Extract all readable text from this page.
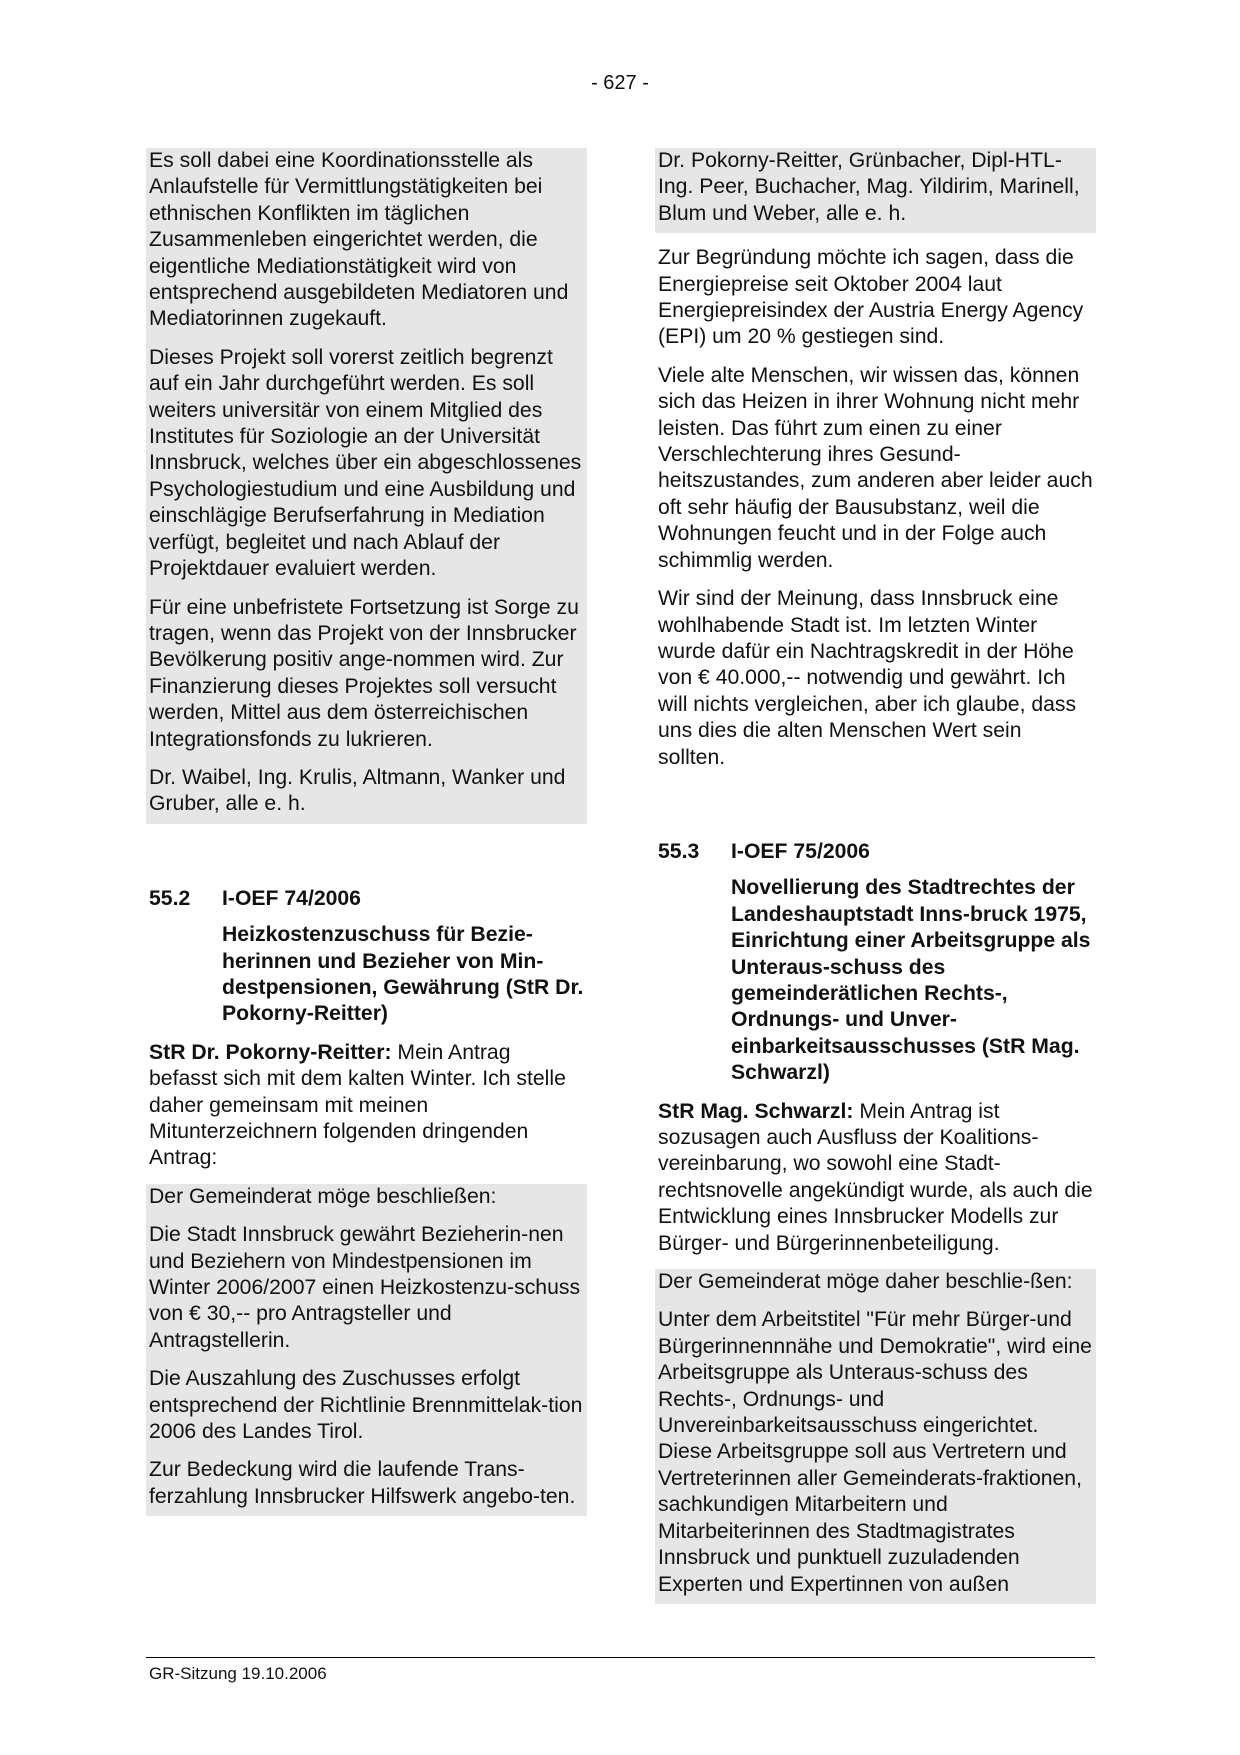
- 627 -

Es soll dabei eine Koordinationsstelle als Anlaufstelle für Vermittlungstätigkeiten bei ethnischen Konflikten im täglichen Zusammenleben eingerichtet werden, die eigentliche Mediationstätigkeit wird von entsprechend ausgebildeten Mediatoren und Mediatorinnen zugekauft.

Dieses Projekt soll vorerst zeitlich begrenzt auf ein Jahr durchgeführt werden. Es soll weiters universitär von einem Mitglied des Institutes für Soziologie an der Universität Innsbruck, welches über ein abgeschlossenes Psychologiestudium und eine Ausbildung und einschlägige Berufserfahrung in Mediation verfügt, begleitet und nach Ablauf der Projektdauer evaluiert werden.

Für eine unbefristete Fortsetzung ist Sorge zu tragen, wenn das Projekt von der Innsbrucker Bevölkerung positiv ange-nommen wird. Zur Finanzierung dieses Projektes soll versucht werden, Mittel aus dem österreichischen Integrationsfonds zu lukrieren.

Dr. Waibel, Ing. Krulis, Altmann, Wanker und Gruber, alle e. h.

55.2	I-OEF 74/2006
Heizkostenzuschuss für Bezie-herinnen und Bezieher von Min-destpensionen, Gewährung (StR Dr. Pokorny-Reitter)

StR Dr. Pokorny-Reitter: Mein Antrag befasst sich mit dem kalten Winter. Ich stelle daher gemeinsam mit meinen Mitunterzeichnern folgenden dringenden Antrag:

Der Gemeinderat möge beschließen:

Die Stadt Innsbruck gewährt Bezieherin-nen und Beziehern von Mindestpensionen im Winter 2006/2007 einen Heizkostenzu-schuss von € 30,-- pro Antragsteller und Antragstellerin.

Die Auszahlung des Zuschusses erfolgt entsprechend der Richtlinie Brennmittelak-tion 2006 des Landes Tirol.

Zur Bedeckung wird die laufende Trans-ferzahlung Innsbrucker Hilfswerk angebo-ten.

Dr. Pokorny-Reitter, Grünbacher, Dipl-HTL-Ing. Peer, Buchacher, Mag. Yildirim, Marinell, Blum und Weber, alle e. h.

Zur Begründung möchte ich sagen, dass die Energiepreise seit Oktober 2004 laut Energiepreisindex der Austria Energy Agency (EPI) um 20 % gestiegen sind.

Viele alte Menschen, wir wissen das, können sich das Heizen in ihrer Wohnung nicht mehr leisten. Das führt zum einen zu einer Verschlechterung ihres Gesund-heitszustandes, zum anderen aber leider auch oft sehr häufig der Bausubstanz, weil die Wohnungen feucht und in der Folge auch schimmlig werden.

Wir sind der Meinung, dass Innsbruck eine wohlhabende Stadt ist. Im letzten Winter wurde dafür ein Nachtragskredit in der Höhe von € 40.000,-- notwendig und gewährt. Ich will nichts vergleichen, aber ich glaube, dass uns dies die alten Menschen Wert sein sollten.

55.3	I-OEF 75/2006
Novellierung des Stadtrechtes der Landeshauptstadt Inns-bruck 1975, Einrichtung einer Arbeitsgruppe als Unteraus-schuss des gemeinderätlichen Rechts-, Ordnungs- und Unver-einbarkeitsausschusses (StR Mag. Schwarzl)

StR Mag. Schwarzl: Mein Antrag ist sozusagen auch Ausfluss der Koalitions-vereinbarung, wo sowohl eine Stadt-rechtsnovelle angekündigt wurde, als auch die Entwicklung eines Innsbrucker Modells zur Bürger- und Bürgerinnenbeteiligung.

Der Gemeinderat möge daher beschlie-ßen:

Unter dem Arbeitstitel "Für mehr Bürger-und Bürgerinnennnähe und Demokratie", wird eine Arbeitsgruppe als Unteraus-schuss des Rechts-, Ordnungs- und Unvereinbarkeitsausschuss eingerichtet. Diese Arbeitsgruppe soll aus Vertretern und Vertreterinnen aller Gemeinderats-fraktionen, sachkundigen Mitarbeitern und Mitarbeiterinnen des Stadtmagistrates Innsbruck und punktuell zuzuladenden Experten und Expertinnen von außen

GR-Sitzung 19.10.2006
